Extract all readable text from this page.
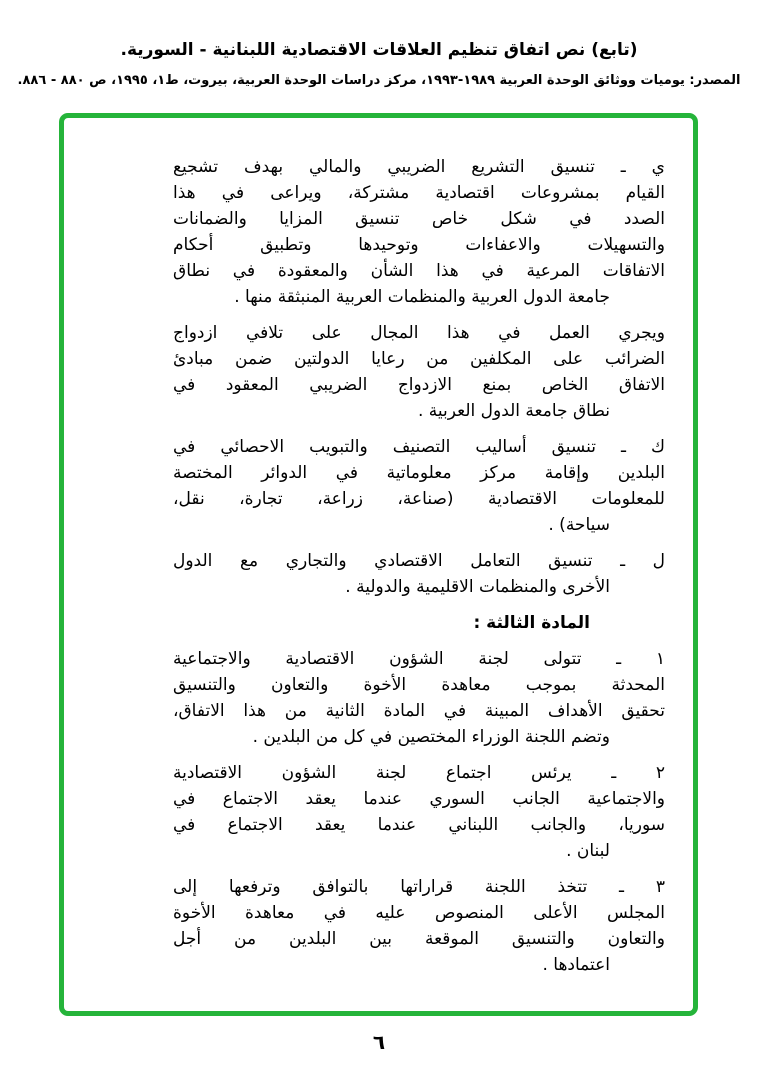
(تابع) نص اتفاق تنظيم العلاقات الاقتصادية اللبنانية - السورية.
المصدر: يوميات ووثائق الوحدة العربية ١٩٨٩-١٩٩٣، مركز دراسات الوحدة العربية، بيروت، ط١، ١٩٩٥، ص ٨٨٠ - ٨٨٦.
ي ـ تنسيق التشريع الضريبي والمالي بهدف تشجيع
القيام بمشروعات اقتصادية مشتركة، ويراعى في هذا
الصدد في شكل خاص تنسيق المزايا والضمانات
والتسهيلات والاعفاءات وتوحيدها وتطبيق أحكام
الاتفاقات المرعية في هذا الشأن والمعقودة في نطاق
جامعة الدول العربية والمنظمات العربية المنبثقة منها .
ويجري العمل في هذا المجال على تلافي ازدواج
الضرائب على المكلفين من رعايا الدولتين ضمن مبادئ
الاتفاق الخاص بمنع الازدواج الضريبي المعقود في
نطاق جامعة الدول العربية .
ك ـ تنسيق أساليب التصنيف والتبويب الاحصائي في
البلدين وإقامة مركز معلوماتية في الدوائر المختصة
للمعلومات الاقتصادية (صناعة، زراعة، تجارة، نقل،
سياحة) .
ل ـ تنسيق التعامل الاقتصادي والتجاري مع الدول
الأخرى والمنظمات الاقليمية والدولية .
المادة الثالثة :
١ ـ تتولى لجنة الشؤون الاقتصادية والاجتماعية
المحدثة بموجب معاهدة الأخوة والتعاون والتنسيق
تحقيق الأهداف المبينة في المادة الثانية من هذا الاتفاق،
وتضم اللجنة الوزراء المختصين في كل من البلدين .
٢ ـ يرئس اجتماع لجنة الشؤون الاقتصادية
والاجتماعية الجانب السوري عندما يعقد الاجتماع في
سوريا، والجانب اللبناني عندما يعقد الاجتماع في
لبنان .
٣ ـ تتخذ اللجنة قراراتها بالتوافق وترفعها إلى
المجلس الأعلى المنصوص عليه في معاهدة الأخوة
والتعاون والتنسيق الموقعة بين البلدين من أجل
اعتمادها .
٦
